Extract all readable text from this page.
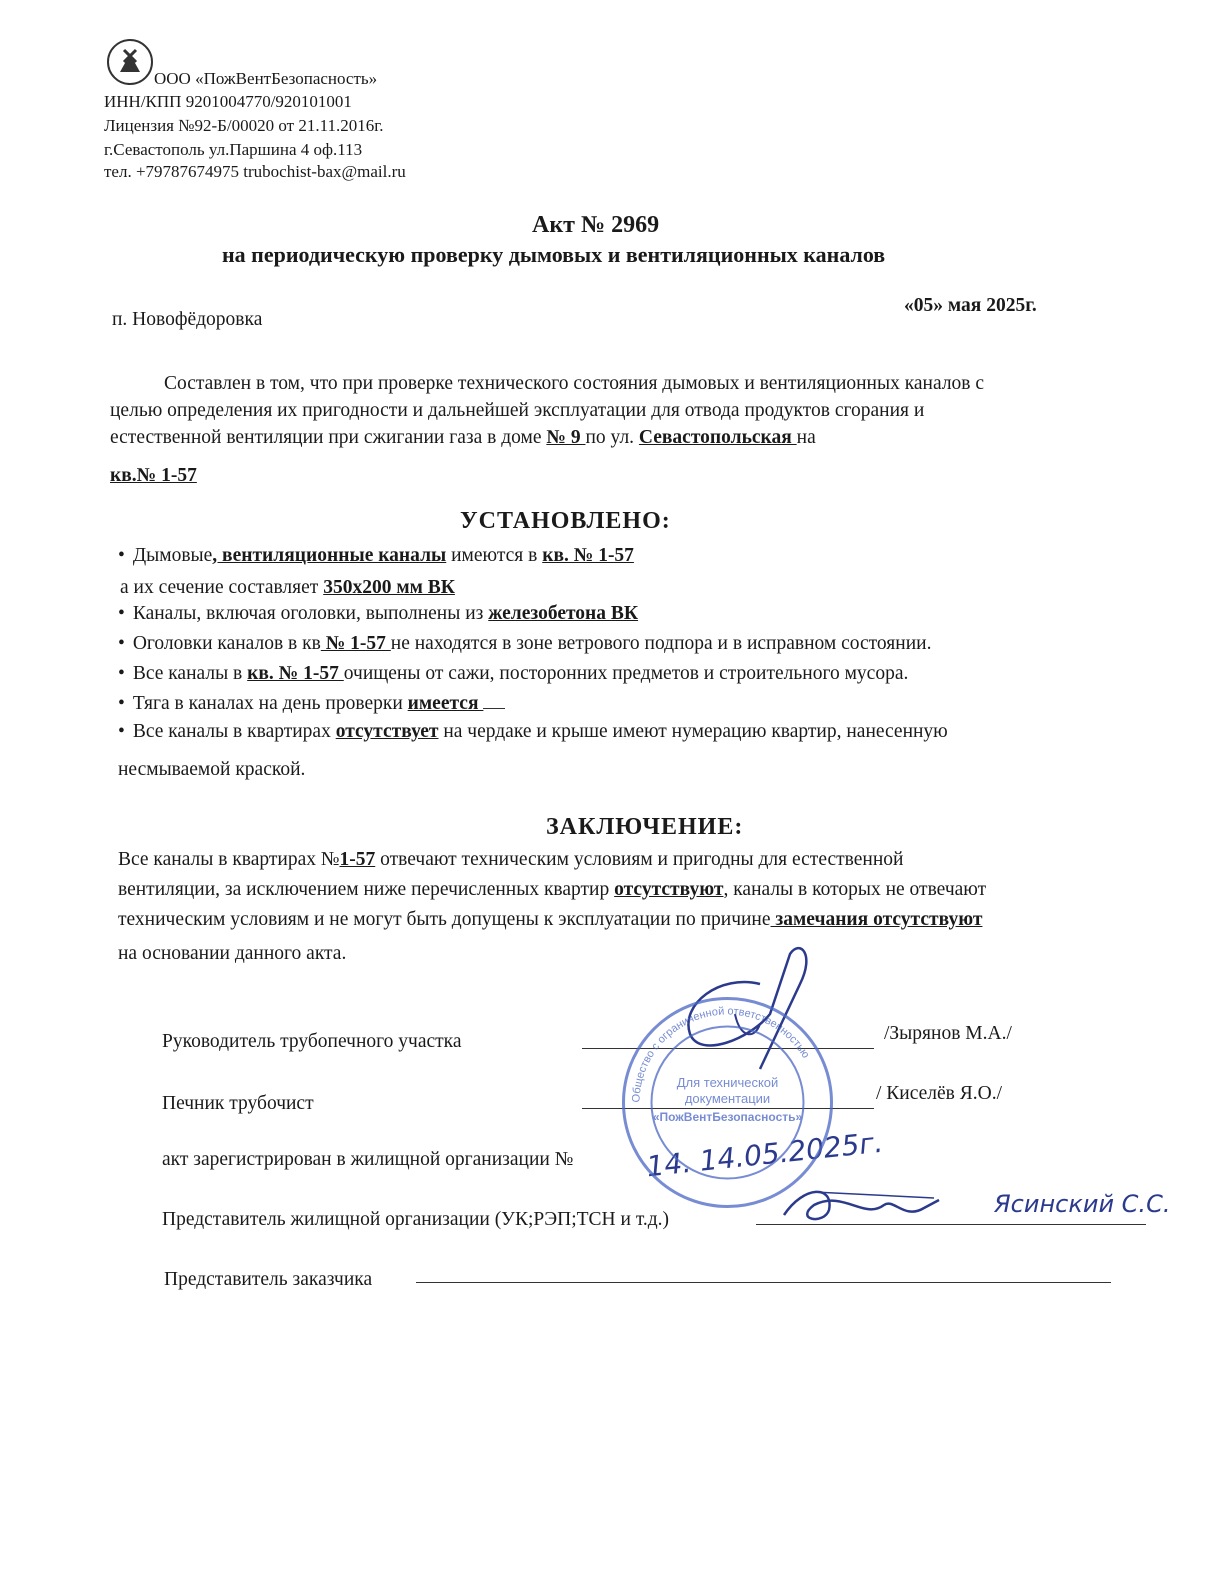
ООО «ПожВентБезопасность»
ИНН/КПП 9201004770/920101001
Лицензия №92-Б/00020 от 21.11.2016г.
г.Севастополь ул.Паршина 4 оф.113
тел. +79787674975 trubochist-bax@mail.ru
Акт № 2969
на периодическую проверку дымовых и вентиляционных каналов
п. Новофёдоровка
«05» мая 2025г.
Составлен в том, что при проверке технического состояния дымовых и вентиляционных каналов с
целью определения их пригодности и дальнейшей эксплуатации для отвода продуктов сгорания и
естественной вентиляции при сжигании газа в доме № 9 по ул. Севастопольская на
кв.№ 1-57
УСТАНОВЛЕНО:
• Дымовые, вентиляционные каналы имеются в кв. № 1-57
а их сечение составляет 350х200 мм ВК
• Каналы, включая оголовки, выполнены из железобетона ВК
• Оголовки каналов в кв № 1-57 не находятся в зоне ветрового подпора и в исправном состоянии.
• Все каналы в кв. № 1-57 очищены от сажи, посторонних предметов и строительного мусора.
• Тяга в каналах на день проверки имеется
• Все каналы в квартирах отсутствует на чердаке и крыше имеют нумерацию квартир, нанесенную
несмываемой краской.
ЗАКЛЮЧЕНИЕ:
Все каналы в квартирах №1-57 отвечают техническим условиям и пригодны для естественной
вентиляции, за исключением ниже перечисленных квартир отсутствуют, каналы в которых не отвечают
техническим условиям и не могут быть допущены к эксплуатации по причине замечания отсутствуют
на основании данного акта.
Руководитель трубопечного участка	/Зырянов М.А./
Печник трубочист	/ Киселёв Я.О./
акт зарегистрирован в жилищной организации №	14. 14.05.2025г.
Представитель жилищной организации (УК;РЭП;ТСН и т.д.)
Ясинский С.С.
Представитель заказчика
Общество с ограниченной ответственностью
Для технической
документации
«ПожВентБезопасность»
